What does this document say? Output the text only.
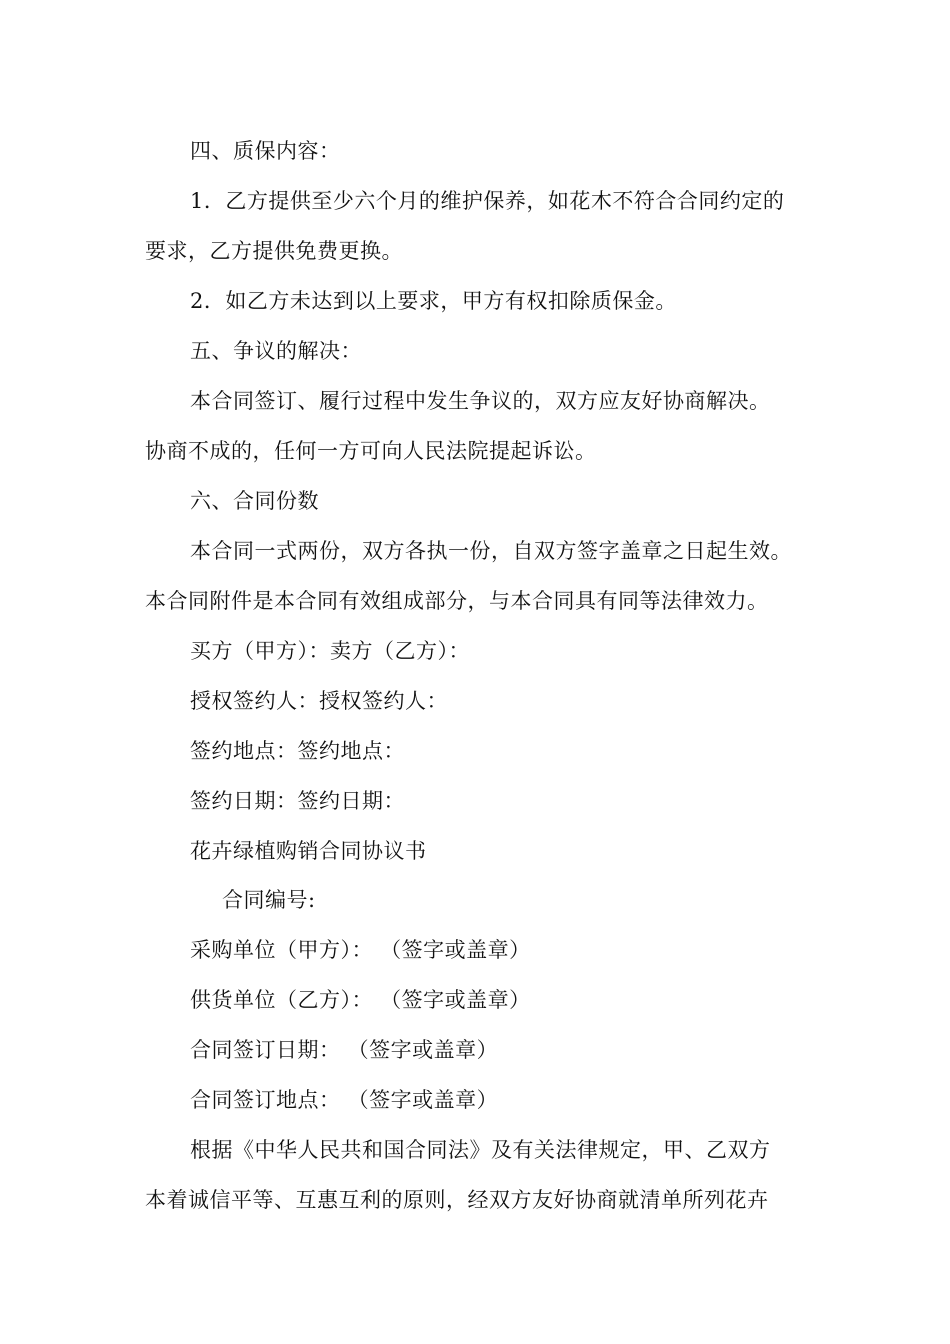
四、质保内容：
1．乙方提供至少六个月的维护保养，如花木不符合合同约定的
要求，乙方提供免费更换。
2．如乙方未达到以上要求，甲方有权扣除质保金。
五、争议的解决：
本合同签订、履行过程中发生争议的，双方应友好协商解决。
协商不成的，任何一方可向人民法院提起诉讼。
六、合同份数
本合同一式两份，双方各执一份，自双方签字盖章之日起生效。
本合同附件是本合同有效组成部分，与本合同具有同等法律效力。
买方（甲方）：卖方（乙方）：
授权签约人：授权签约人：
签约地点：签约地点：
签约日期：签约日期：
花卉绿植购销合同协议书
合同编号:
采购单位（甲方）： （签字或盖章）
供货单位（乙方）： （签字或盖章）
合同签订日期： （签字或盖章）
合同签订地点： （签字或盖章）
根据《中华人民共和国合同法》及有关法律规定，甲、乙双方
本着诚信平等、互惠互利的原则，经双方友好协商就清单所列花卉
